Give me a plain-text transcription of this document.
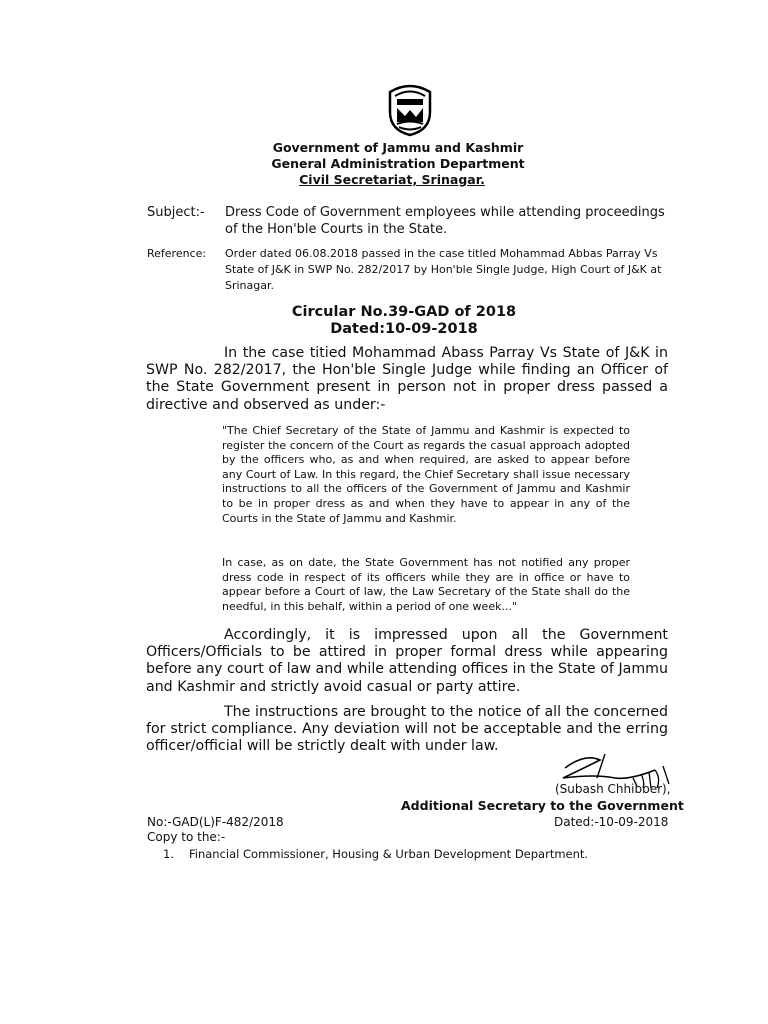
Government of Jammu and Kashmir
General Administration Department
Civil Secretariat, Srinagar.
Subject:- Dress Code of Government employees while attending proceedings of the Hon'ble Courts in the State.
Reference: Order dated 06.08.2018 passed in the case titled Mohammad Abbas Parray Vs State of J&K in SWP No. 282/2017 by Hon'ble Single Judge, High Court of J&K at Srinagar.
Circular No.39-GAD of 2018
Dated:10-09-2018
In the case titied Mohammad Abass Parray Vs State of J&K in SWP No. 282/2017, the Hon'ble Single Judge while finding an Officer of the State Government present in person not in proper dress passed a directive and observed as under:-
"The Chief Secretary of the State of Jammu and Kashmir is expected to register the concern of the Court as regards the casual approach adopted by the officers who, as and when required, are asked to appear before any Court of Law. In this regard, the Chief Secretary shall issue necessary instructions to all the officers of the Government of Jammu and Kashmir to be in proper dress as and when they have to appear in any of the Courts in the State of Jammu and Kashmir.
In case, as on date, the State Government has not notified any proper dress code in respect of its officers while they are in office or have to appear before a Court of law, the Law Secretary of the State shall do the needful, in this behalf, within a period of one week..."
Accordingly, it is impressed upon all the Government Officers/Officials to be attired in proper formal dress while appearing before any court of law and while attending offices in the State of Jammu and Kashmir and strictly avoid casual or party attire.
The instructions are brought to the notice of all the concerned for strict compliance. Any deviation will not be acceptable and the erring officer/official will be strictly dealt with under law.
(Subash Chhibber),
Additional Secretary to the Government
No:-GAD(L)F-482/2018	Dated:-10-09-2018
Copy to the:-
1. Financial Commissioner, Housing & Urban Development Department.
